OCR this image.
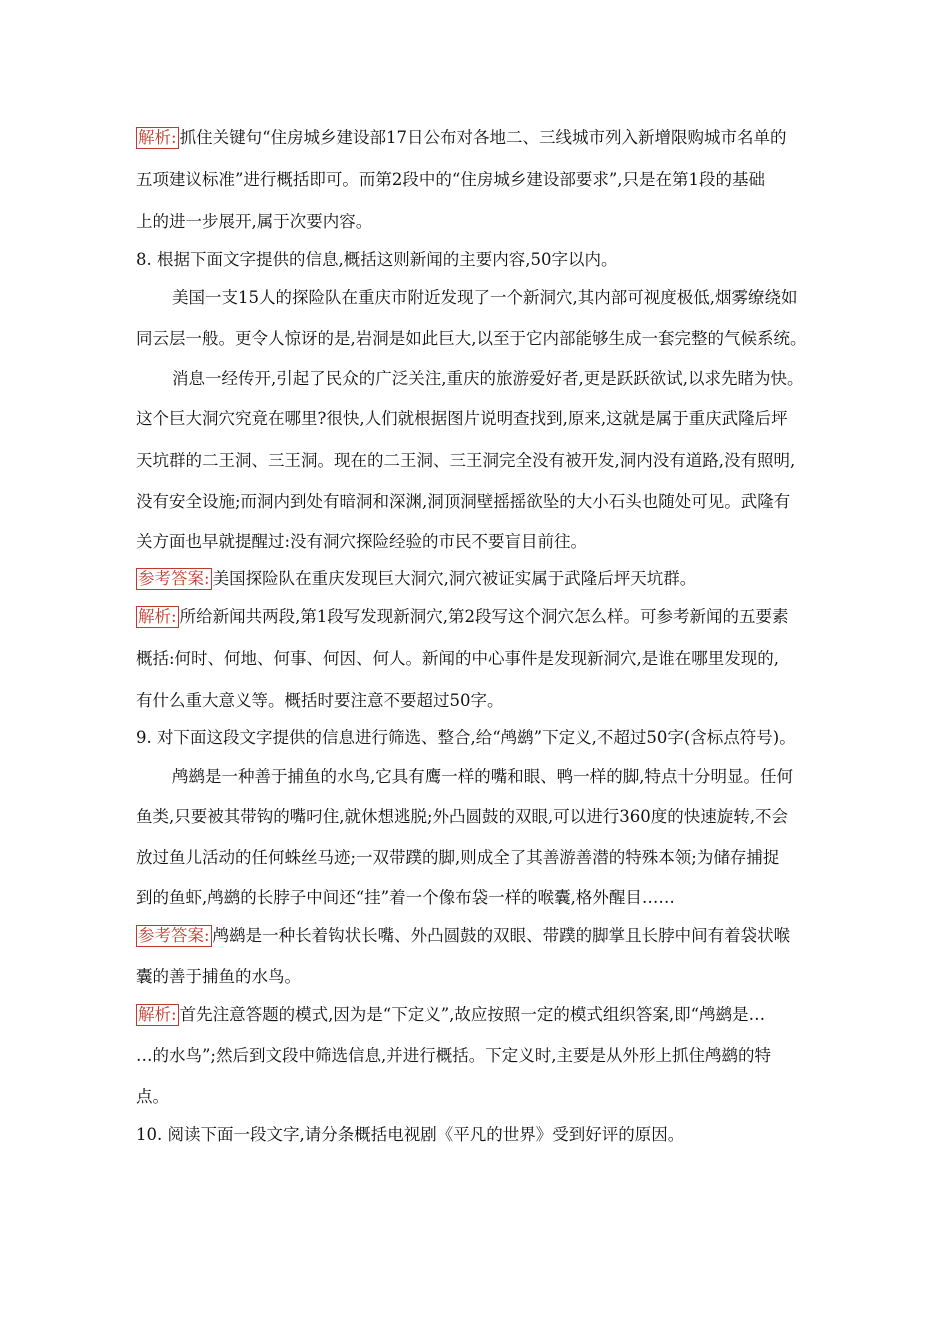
解析: 抓住关键句“住房城乡建设部17日公布对各地二、三线城市列入新增限购城市名单的
五项建议标准”进行概括即可。而第2段中的“住房城乡建设部要求”,只是在第1段的基础
上的进一步展开,属于次要内容。
8. 根据下面文字提供的信息,概括这则新闻的主要内容,50字以内。
美国一支15人的探险队在重庆市附近发现了一个新洞穴,其内部可视度极低,烟雾缭绕如
同云层一般。更令人惊讶的是,岩洞是如此巨大,以至于它内部能够生成一套完整的气候系统。
消息一经传开,引起了民众的广泛关注,重庆的旅游爱好者,更是跃跃欲试,以求先睹为快。
这个巨大洞穴究竟在哪里?很快,人们就根据图片说明查找到,原来,这就是属于重庆武隆后坪
天坑群的二王洞、三王洞。现在的二王洞、三王洞完全没有被开发,洞内没有道路,没有照明,
没有安全设施;而洞内到处有暗洞和深渊,洞顶洞壁摇摇欲坠的大小石头也随处可见。武隆有
关方面也早就提醒过:没有洞穴探险经验的市民不要盲目前往。
参考答案: 美国探险队在重庆发现巨大洞穴,洞穴被证实属于武隆后坪天坑群。
解析: 所给新闻共两段,第1段写发现新洞穴,第2段写这个洞穴怎么样。可参考新闻的五要素
概括:何时、何地、何事、何因、何人。新闻的中心事件是发现新洞穴,是谁在哪里发现的,
有什么重大意义等。概括时要注意不要超过50字。
9. 对下面这段文字提供的信息进行筛选、整合,给“鸬鹚”下定义,不超过50字(含标点符号)。
鸬鹚是一种善于捕鱼的水鸟,它具有鹰一样的嘴和眼、鸭一样的脚,特点十分明显。任何
鱼类,只要被其带钩的嘴叼住,就休想逃脱;外凸圆鼓的双眼,可以进行360度的快速旋转,不会
放过鱼儿活动的任何蛛丝马迹;一双带蹼的脚,则成全了其善游善潜的特殊本领;为储存捕捉
到的鱼虾,鸬鹚的长脖子中间还“挂”着一个像布袋一样的喉囊,格外醒目……
参考答案: 鸬鹚是一种长着钩状长嘴、外凸圆鼓的双眼、带蹼的脚掌且长脖中间有着袋状喉
囊的善于捕鱼的水鸟。
解析: 首先注意答题的模式,因为是“下定义”,故应按照一定的模式组织答案,即“鸬鹚是…
…的水鸟”;然后到文段中筛选信息,并进行概括。下定义时,主要是从外形上抓住鸬鹚的特
点。
10. 阅读下面一段文字,请分条概括电视剧《平凡的世界》受到好评的原因。
